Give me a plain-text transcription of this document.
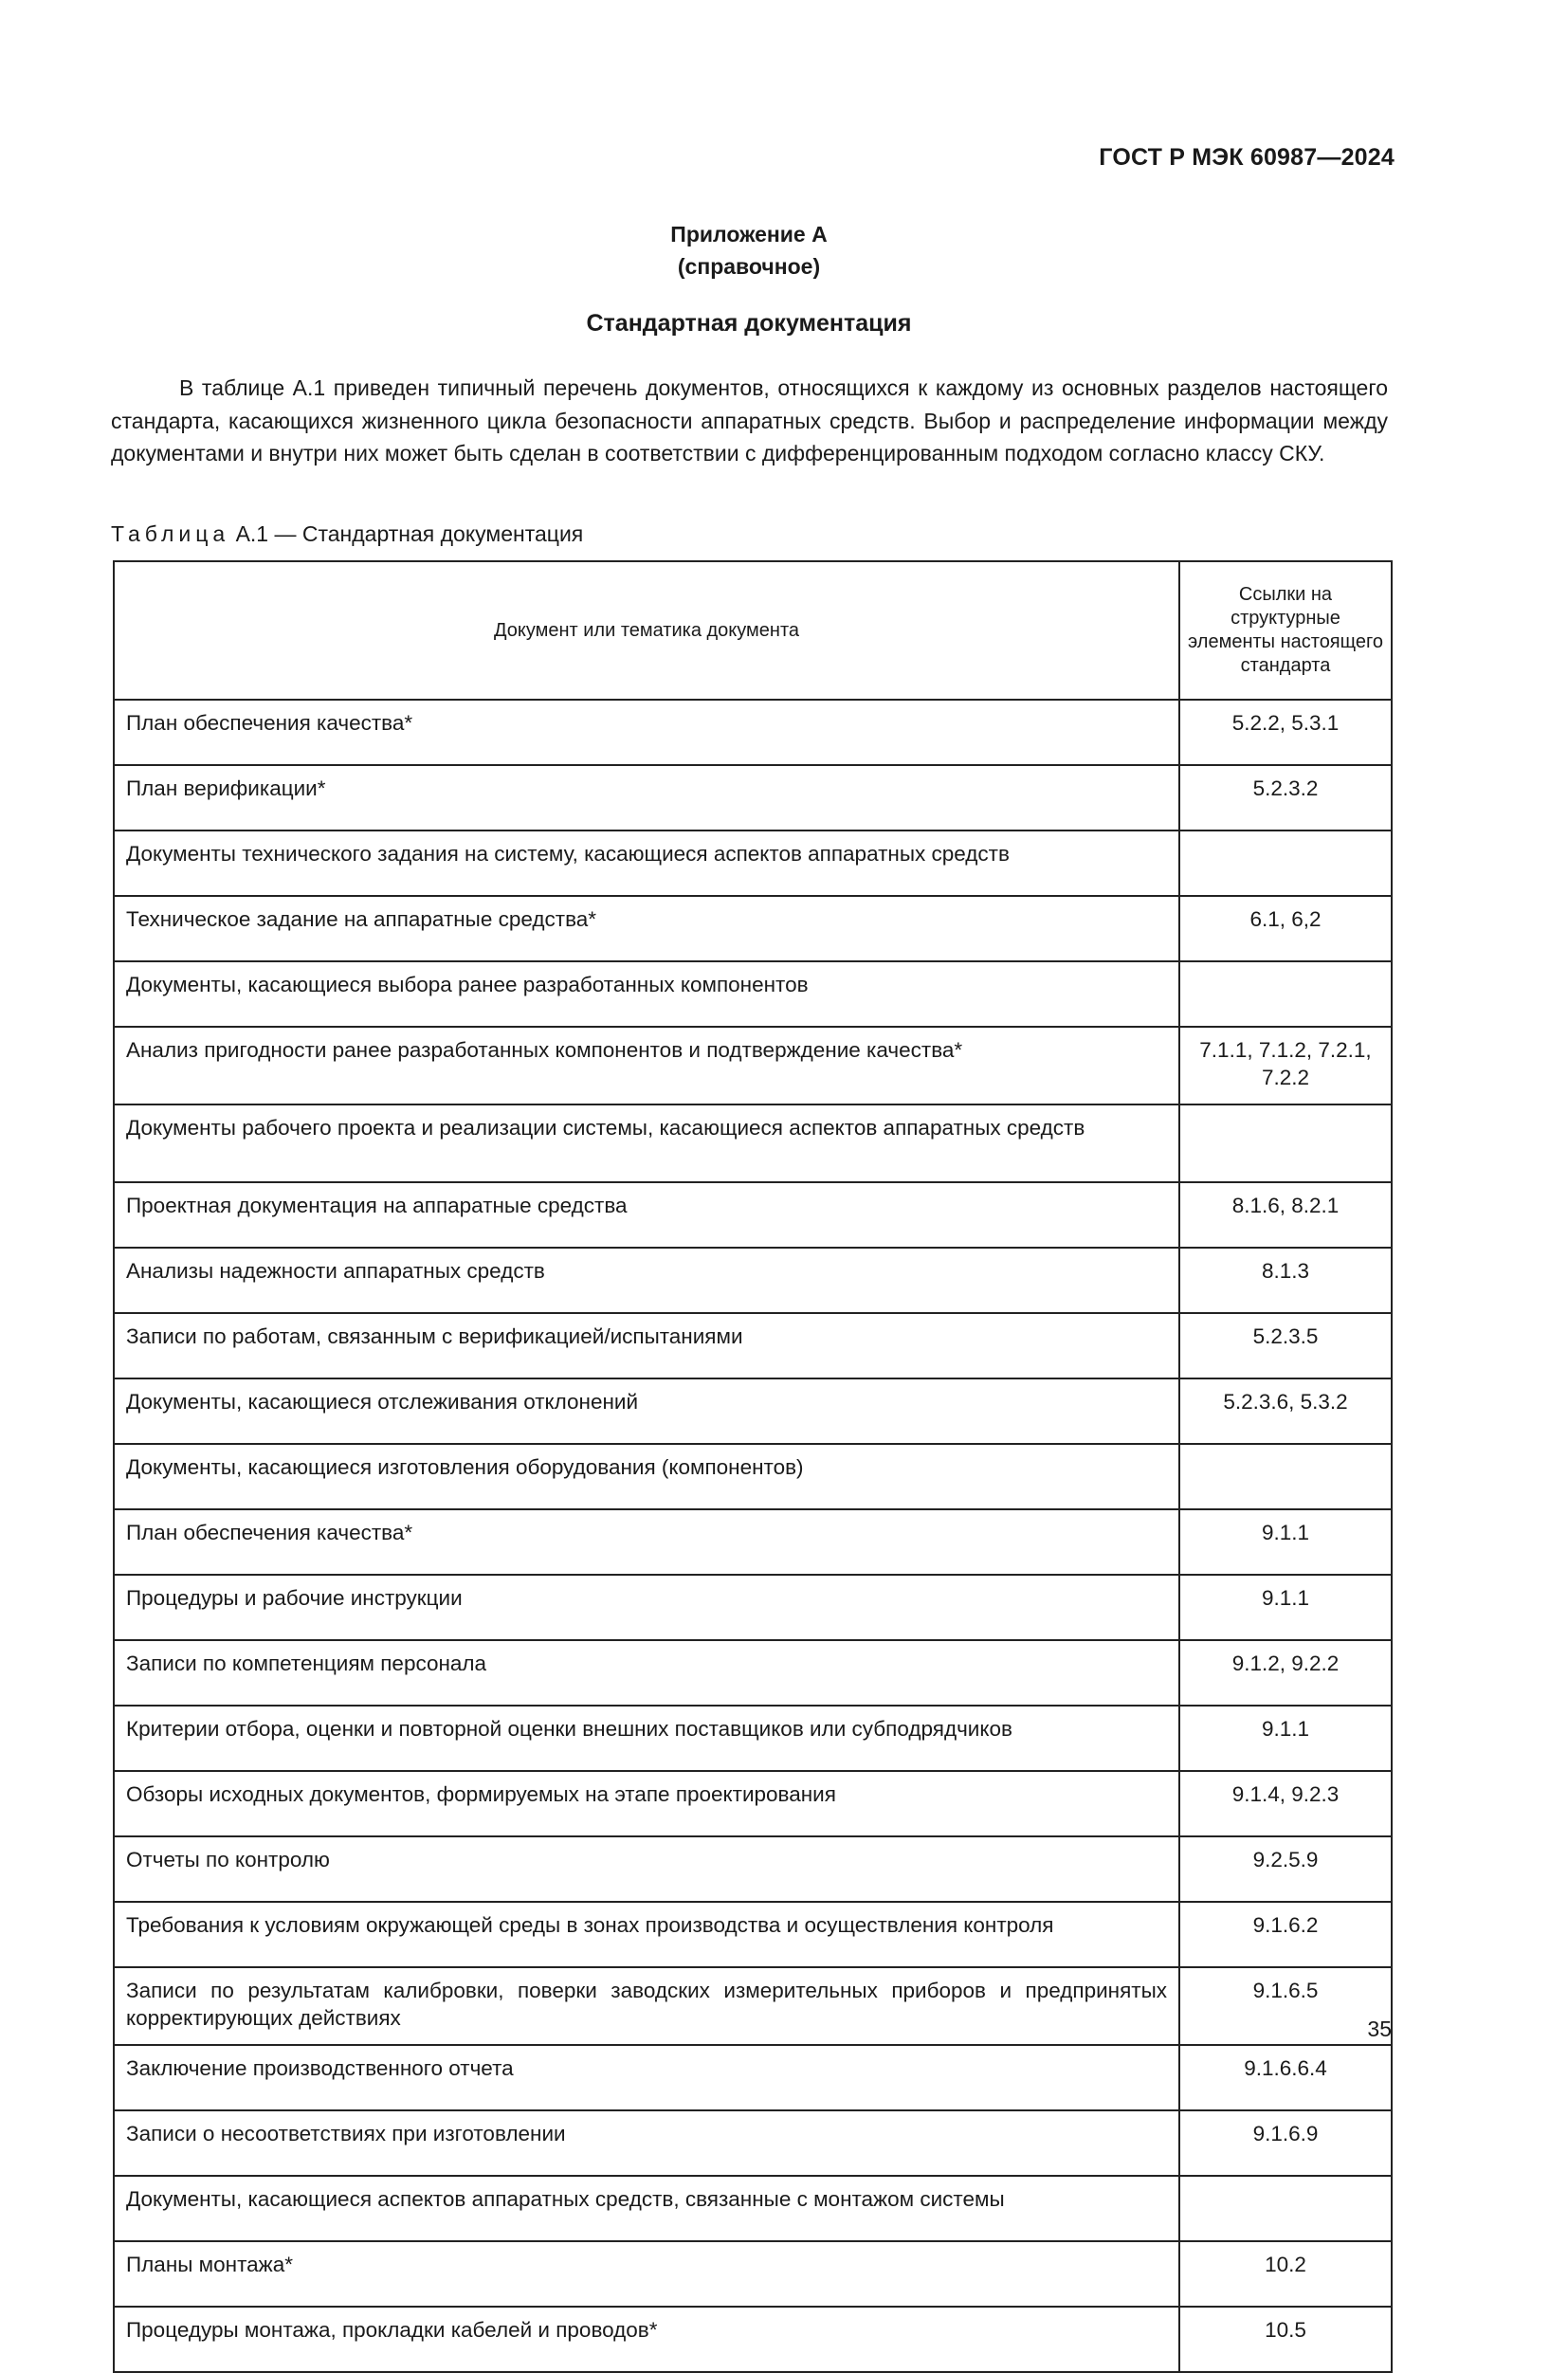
ГОСТ Р МЭК 60987—2024
Приложение А
(справочное)
Стандартная документация

В таблице А.1 приведен типичный перечень документов, относящихся к каждому из основных разделов настоящего стандарта, касающихся жизненного цикла безопасности аппаратных средств. Выбор и распределение информации между документами и внутри них может быть сделан в соответствии с дифференцированным подходом согласно классу СКУ.

Таблица А.1 — Стандартная документация
Документ или тематика документа	Ссылки на структурные элементы настоящего стандарта
План обеспечения качества*	5.2.2, 5.3.1
План верификации*	5.2.3.2
Документы технического задания на систему, касающиеся аспектов аппаратных средств	
Техническое задание на аппаратные средства*	6.1, 6,2
Документы, касающиеся выбора ранее разработанных компонентов	
Анализ пригодности ранее разработанных компонентов и подтверждение качества*	7.1.1, 7.1.2, 7.2.1, 7.2.2
Документы рабочего проекта и реализации системы, касающиеся аспектов аппаратных средств	
Проектная документация на аппаратные средства	8.1.6, 8.2.1
Анализы надежности аппаратных средств	8.1.3
Записи по работам, связанным с верификацией/испытаниями	5.2.3.5
Документы, касающиеся отслеживания отклонений	5.2.3.6, 5.3.2
Документы, касающиеся изготовления оборудования (компонентов)	
План обеспечения качества*	9.1.1
Процедуры и рабочие инструкции	9.1.1
Записи по компетенциям персонала	9.1.2, 9.2.2
Критерии отбора, оценки и повторной оценки внешних поставщиков или субподрядчиков	9.1.1
Обзоры исходных документов, формируемых на этапе проектирования	9.1.4, 9.2.3
Отчеты по контролю	9.2.5.9
Требования к условиям окружающей среды в зонах производства и осуществления контроля	9.1.6.2
Записи по результатам калибровки, поверки заводских измерительных приборов и предпринятых корректирующих действиях	9.1.6.5
Заключение производственного отчета	9.1.6.6.4
Записи о несоответствиях при изготовлении	9.1.6.9
Документы, касающиеся аспектов аппаратных средств, связанные с монтажом системы	
Планы монтажа*	10.2
Процедуры монтажа, прокладки кабелей и проводов*	10.5
35
